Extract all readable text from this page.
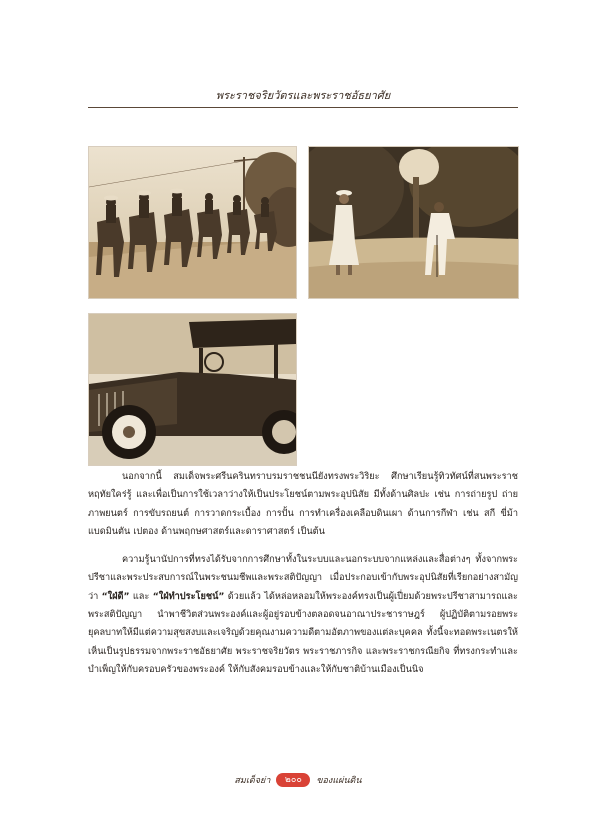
พระราชจริยวัตรและพระราชอัธยาศัย

นอกจากนี้ สมเด็จพระศรีนครินทราบรมราชชนนียังทรงพระวิริยะ ศึกษาเรียนรู้ทิวทัศน์ที่สนพระราชหฤทัยใคร่รู้ และเพื่อเป็นการใช้เวลาว่างให้เป็นประโยชน์ตามพระอุปนิสัย มีทั้งด้านศิลปะ เช่น การถ่ายรูป ถ่ายภาพยนตร์ การขับรถยนต์ การวาดกระเบื้อง การปั้น การทำเครื่องเคลือบดินเผา ด้านการกีฬา เช่น สกี ขี่ม้า แบดมินตัน เปตอง ด้านพฤกษศาสตร์และดาราศาสตร์ เป็นต้น

ความรู้นานัปการที่ทรงได้รับจากการศึกษาทั้งในระบบและนอกระบบจากแหล่งและสื่อต่างๆ ทั้งจากพระปรีชาและพระประสบการณ์ในพระชนมชีพและพระสติปัญญา เมื่อประกอบเข้ากับพระอุปนิสัยที่เรียกอย่างสามัญว่า “ใฝ่ดี” และ “ใฝ่ทำประโยชน์” ด้วยแล้ว ได้หล่อหลอมให้พระองค์ทรงเป็นผู้เปี่ยมด้วยพระปรีชาสามารถและพระสติปัญญา นำพาชีวิตส่วนพระองค์และผู้อยู่รอบข้างตลอดจนอาณาประชาราษฎร์ ผู้ปฏิบัติตามรอยพระยุคลบาทให้มีแต่ความสุขสงบและเจริญด้วยคุณงามความดีตามอัตภาพของแต่ละบุคคล ทั้งนี้จะทอดพระเนตรให้เห็นเป็นรูปธรรมจากพระราชอัธยาศัย พระราชจริยวัตร พระราชภารกิจ และพระราชกรณียกิจ ที่ทรงกระทำและบำเพ็ญให้กับครอบครัวของพระองค์ ให้กับสังคมรอบข้างและให้กับชาติบ้านเมืองเป็นนิจ

สมเด็จย่า	๒๐๐	ของแผ่นดิน
